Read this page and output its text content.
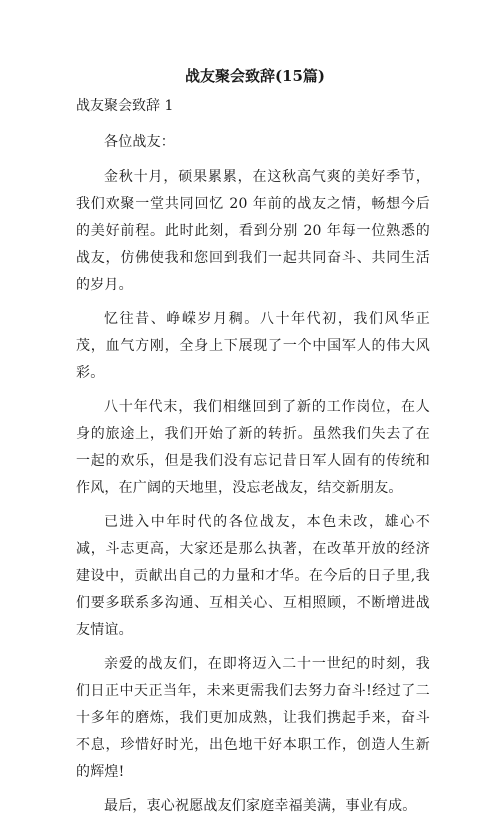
战友聚会致辞(15篇)
战友聚会致辞 1

各位战友：

金秋十月，硕果累累，在这秋高气爽的美好季节，我们欢聚一堂共同回忆 20 年前的战友之情，畅想今后的美好前程。此时此刻，看到分别 20 年每一位熟悉的战友，仿佛使我和您回到我们一起共同奋斗、共同生活的岁月。

忆往昔、峥嵘岁月稠。八十年代初，我们风华正茂，血气方刚，全身上下展现了一个中国军人的伟大风彩。

八十年代末，我们相继回到了新的工作岗位，在人身的旅途上，我们开始了新的转折。虽然我们失去了在一起的欢乐，但是我们没有忘记昔日军人固有的传统和作风，在广阔的天地里，没忘老战友，结交新朋友。

已进入中年时代的各位战友，本色未改，雄心不减，斗志更高，大家还是那么执著，在改革开放的经济建设中，贡献出自己的力量和才华。在今后的日子里,我们要多联系多沟通、互相关心、互相照顾，不断增进战友情谊。

亲爱的战友们，在即将迈入二十一世纪的时刻，我们日正中天正当年，未来更需我们去努力奋斗!经过了二十多年的磨炼，我们更加成熟，让我们携起手来，奋斗不息，珍惜好时光，出色地干好本职工作，创造人生新的辉煌!

最后，衷心祝愿战友们家庭幸福美满，事业有成。
